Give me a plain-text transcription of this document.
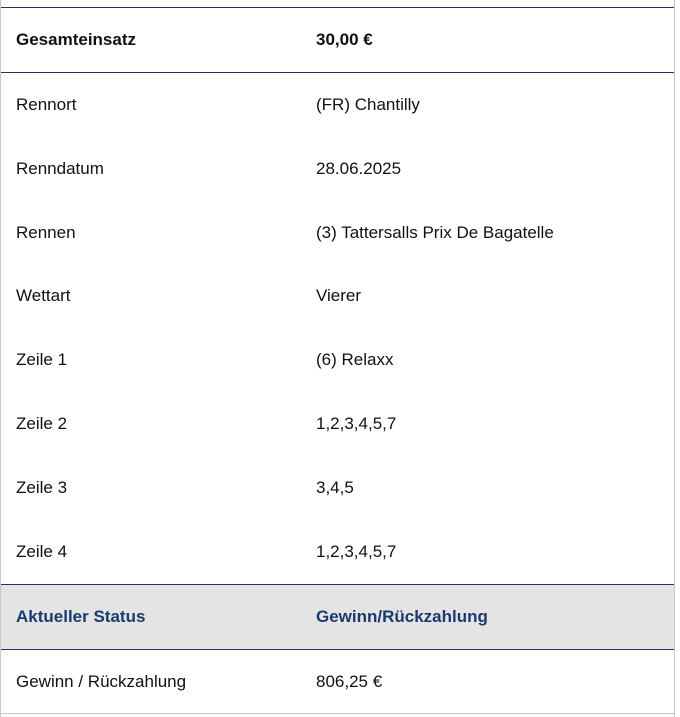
Gesamteinsatz	30,00 €
Rennort	(FR) Chantilly
Renndatum	28.06.2025
Rennen	(3) Tattersalls Prix De Bagatelle
Wettart	Vierer
Zeile 1	(6) Relaxx
Zeile 2	1,2,3,4,5,7
Zeile 3	3,4,5
Zeile 4	1,2,3,4,5,7
Aktueller Status	Gewinn/Rückzahlung
Gewinn / Rückzahlung	806,25 €
